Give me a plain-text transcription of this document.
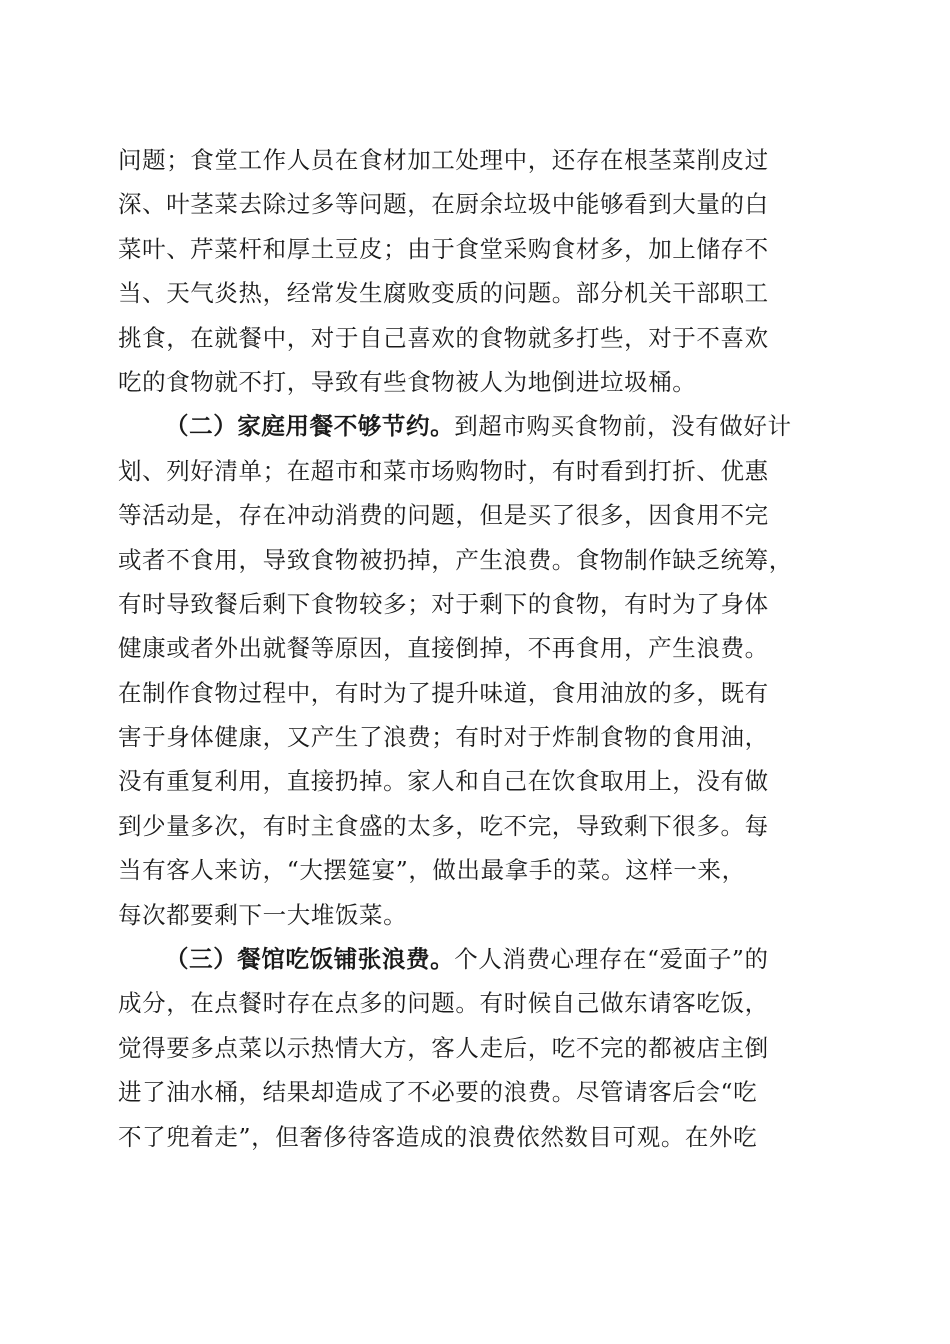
问题；食堂工作人员在食材加工处理中，还存在根茎菜削皮过
深、叶茎菜去除过多等问题，在厨余垃圾中能够看到大量的白
菜叶、芹菜杆和厚土豆皮；由于食堂采购食材多，加上储存不
当、天气炎热，经常发生腐败变质的问题。部分机关干部职工
挑食，在就餐中，对于自己喜欢的食物就多打些，对于不喜欢
吃的食物就不打，导致有些食物被人为地倒进垃圾桶。
（二）家庭用餐不够节约。到超市购买食物前，没有做好计
划、列好清单；在超市和菜市场购物时，有时看到打折、优惠
等活动是，存在冲动消费的问题，但是买了很多，因食用不完
或者不食用，导致食物被扔掉，产生浪费。食物制作缺乏统筹，
有时导致餐后剩下食物较多；对于剩下的食物，有时为了身体
健康或者外出就餐等原因，直接倒掉，不再食用，产生浪费。
在制作食物过程中，有时为了提升味道，食用油放的多，既有
害于身体健康，又产生了浪费；有时对于炸制食物的食用油，
没有重复利用，直接扔掉。家人和自己在饮食取用上，没有做
到少量多次，有时主食盛的太多，吃不完，导致剩下很多。每
当有客人来访，“大摆筵宴”，做出最拿手的菜。这样一来，
每次都要剩下一大堆饭菜。
（三）餐馆吃饭铺张浪费。个人消费心理存在“爱面子”的
成分，在点餐时存在点多的问题。有时候自己做东请客吃饭，
觉得要多点菜以示热情大方，客人走后，吃不完的都被店主倒
进了油水桶，结果却造成了不必要的浪费。尽管请客后会“吃
不了兜着走”，但奢侈待客造成的浪费依然数目可观。在外吃
